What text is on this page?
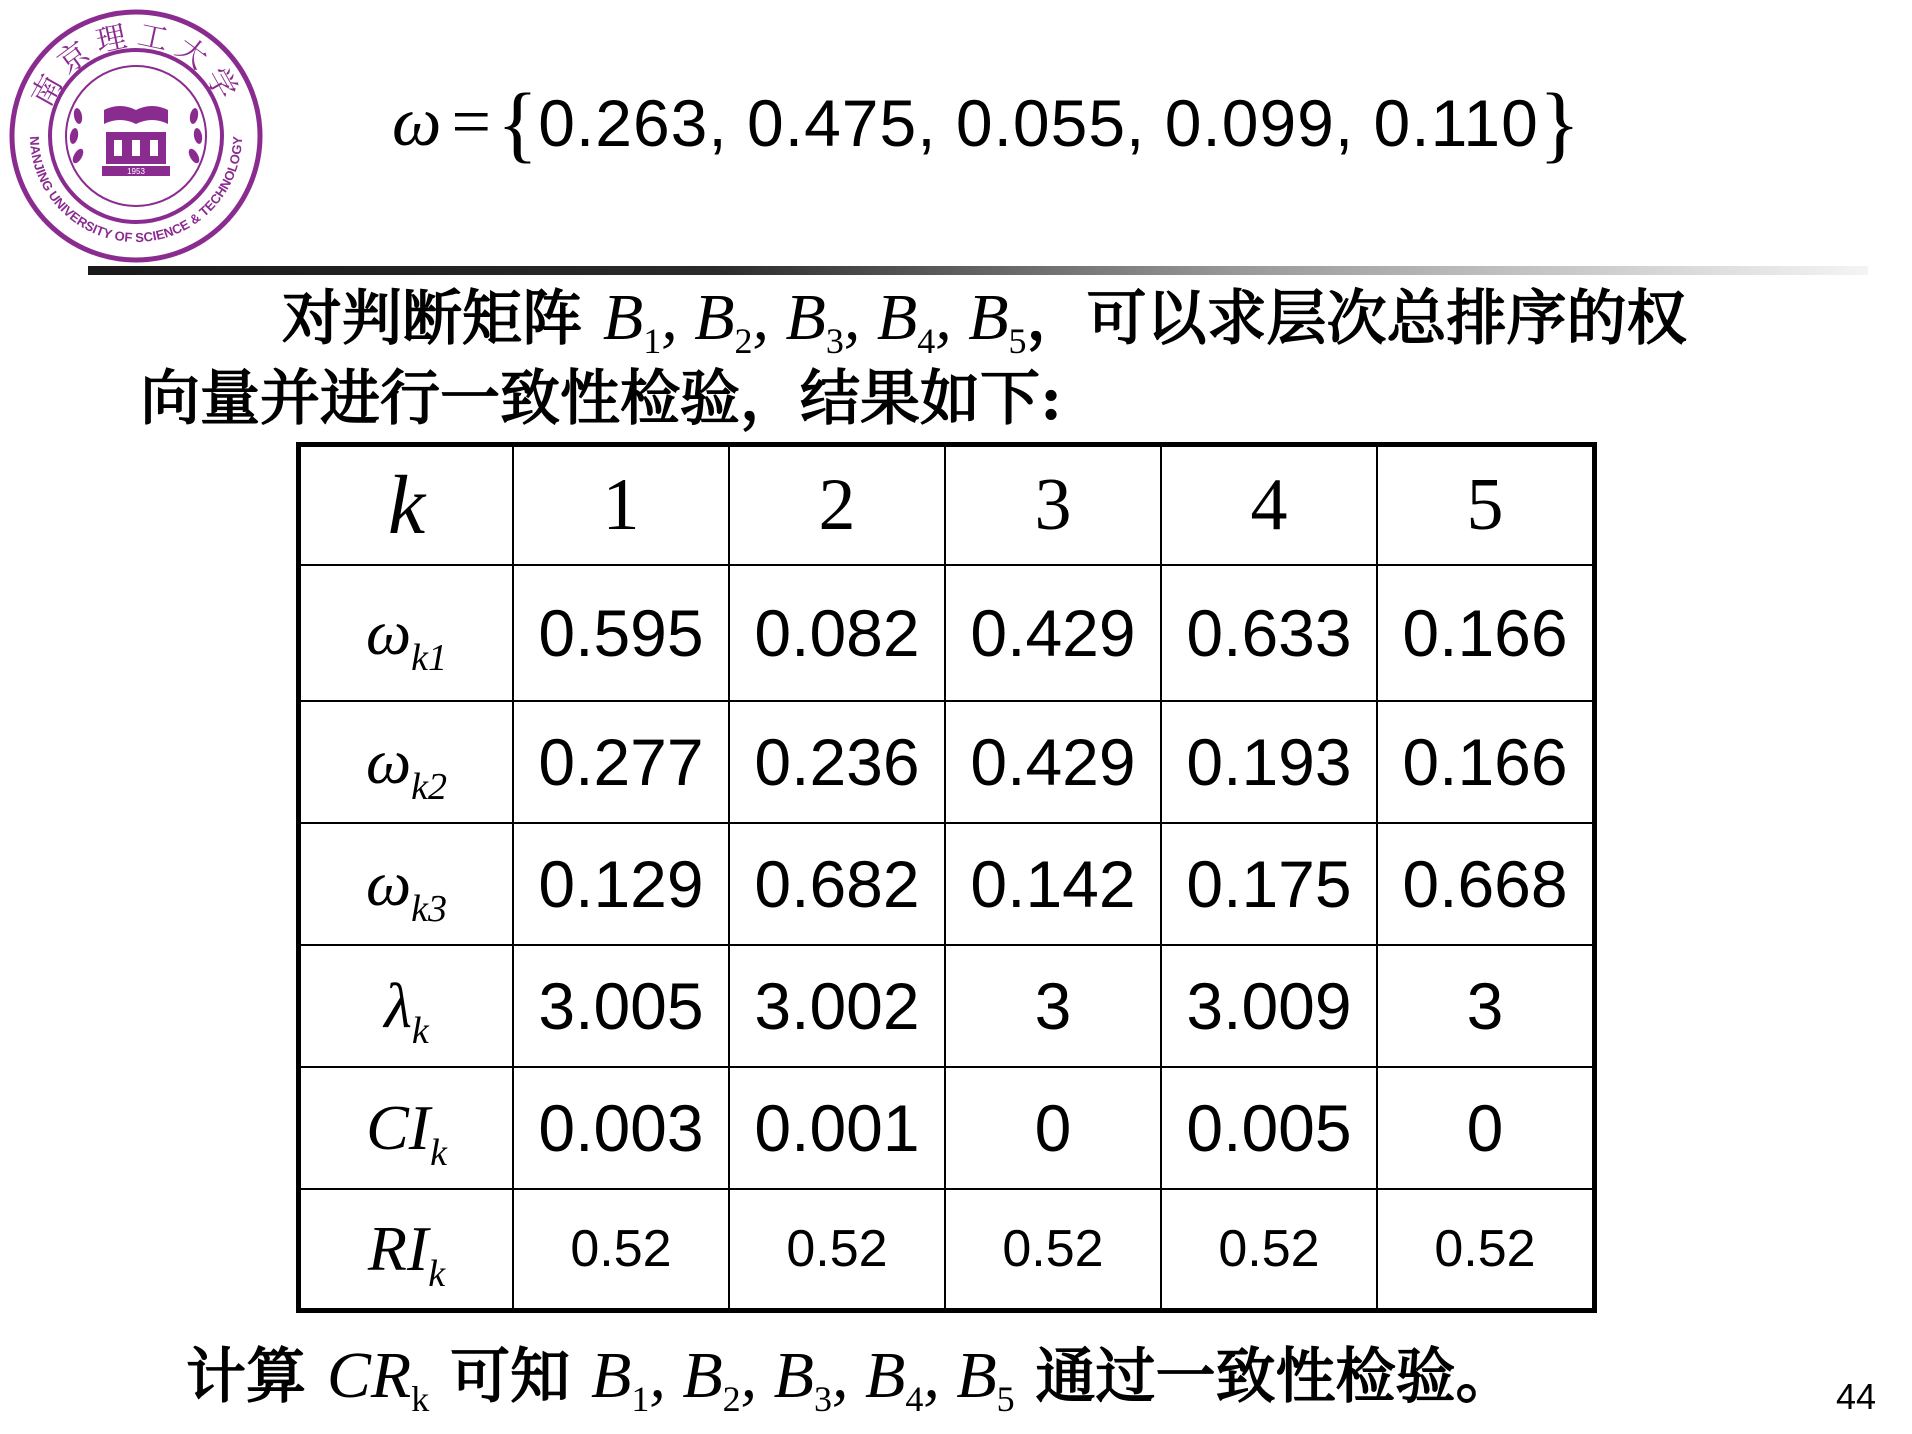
1953
南京理工大学
NANJING UNIVERSITY OF SCIENCE & TECHNOLOGY ω = { 0.263, 0.475, 0.055, 0.099, 0.110 }
对判断矩阵 $B_1$, $B_2$, $B_3$, $B_4$, $B_5$，可以求层次总排序的权
向量并进行一致性检验，结果如下:
k	1	2	3	4	5
$\omega_{k1}$	0.595	0.082	0.429	0.633	0.166
$\omega_{k2}$	0.277	0.236	0.429	0.193	0.166
$\omega_{k3}$	0.129	0.682	0.142	0.175	0.668
$\lambda_k$	3.005	3.002	3	3.009	3
$CI_k$	0.003	0.001	0	0.005	0
$RI_k$	0.52	0.52	0.52	0.52	0.52
计算 $CR_k$ 可知 $B_1$, $B_2$, $B_3$, $B_4$, $B_5$ 通过一致性检验。	44
